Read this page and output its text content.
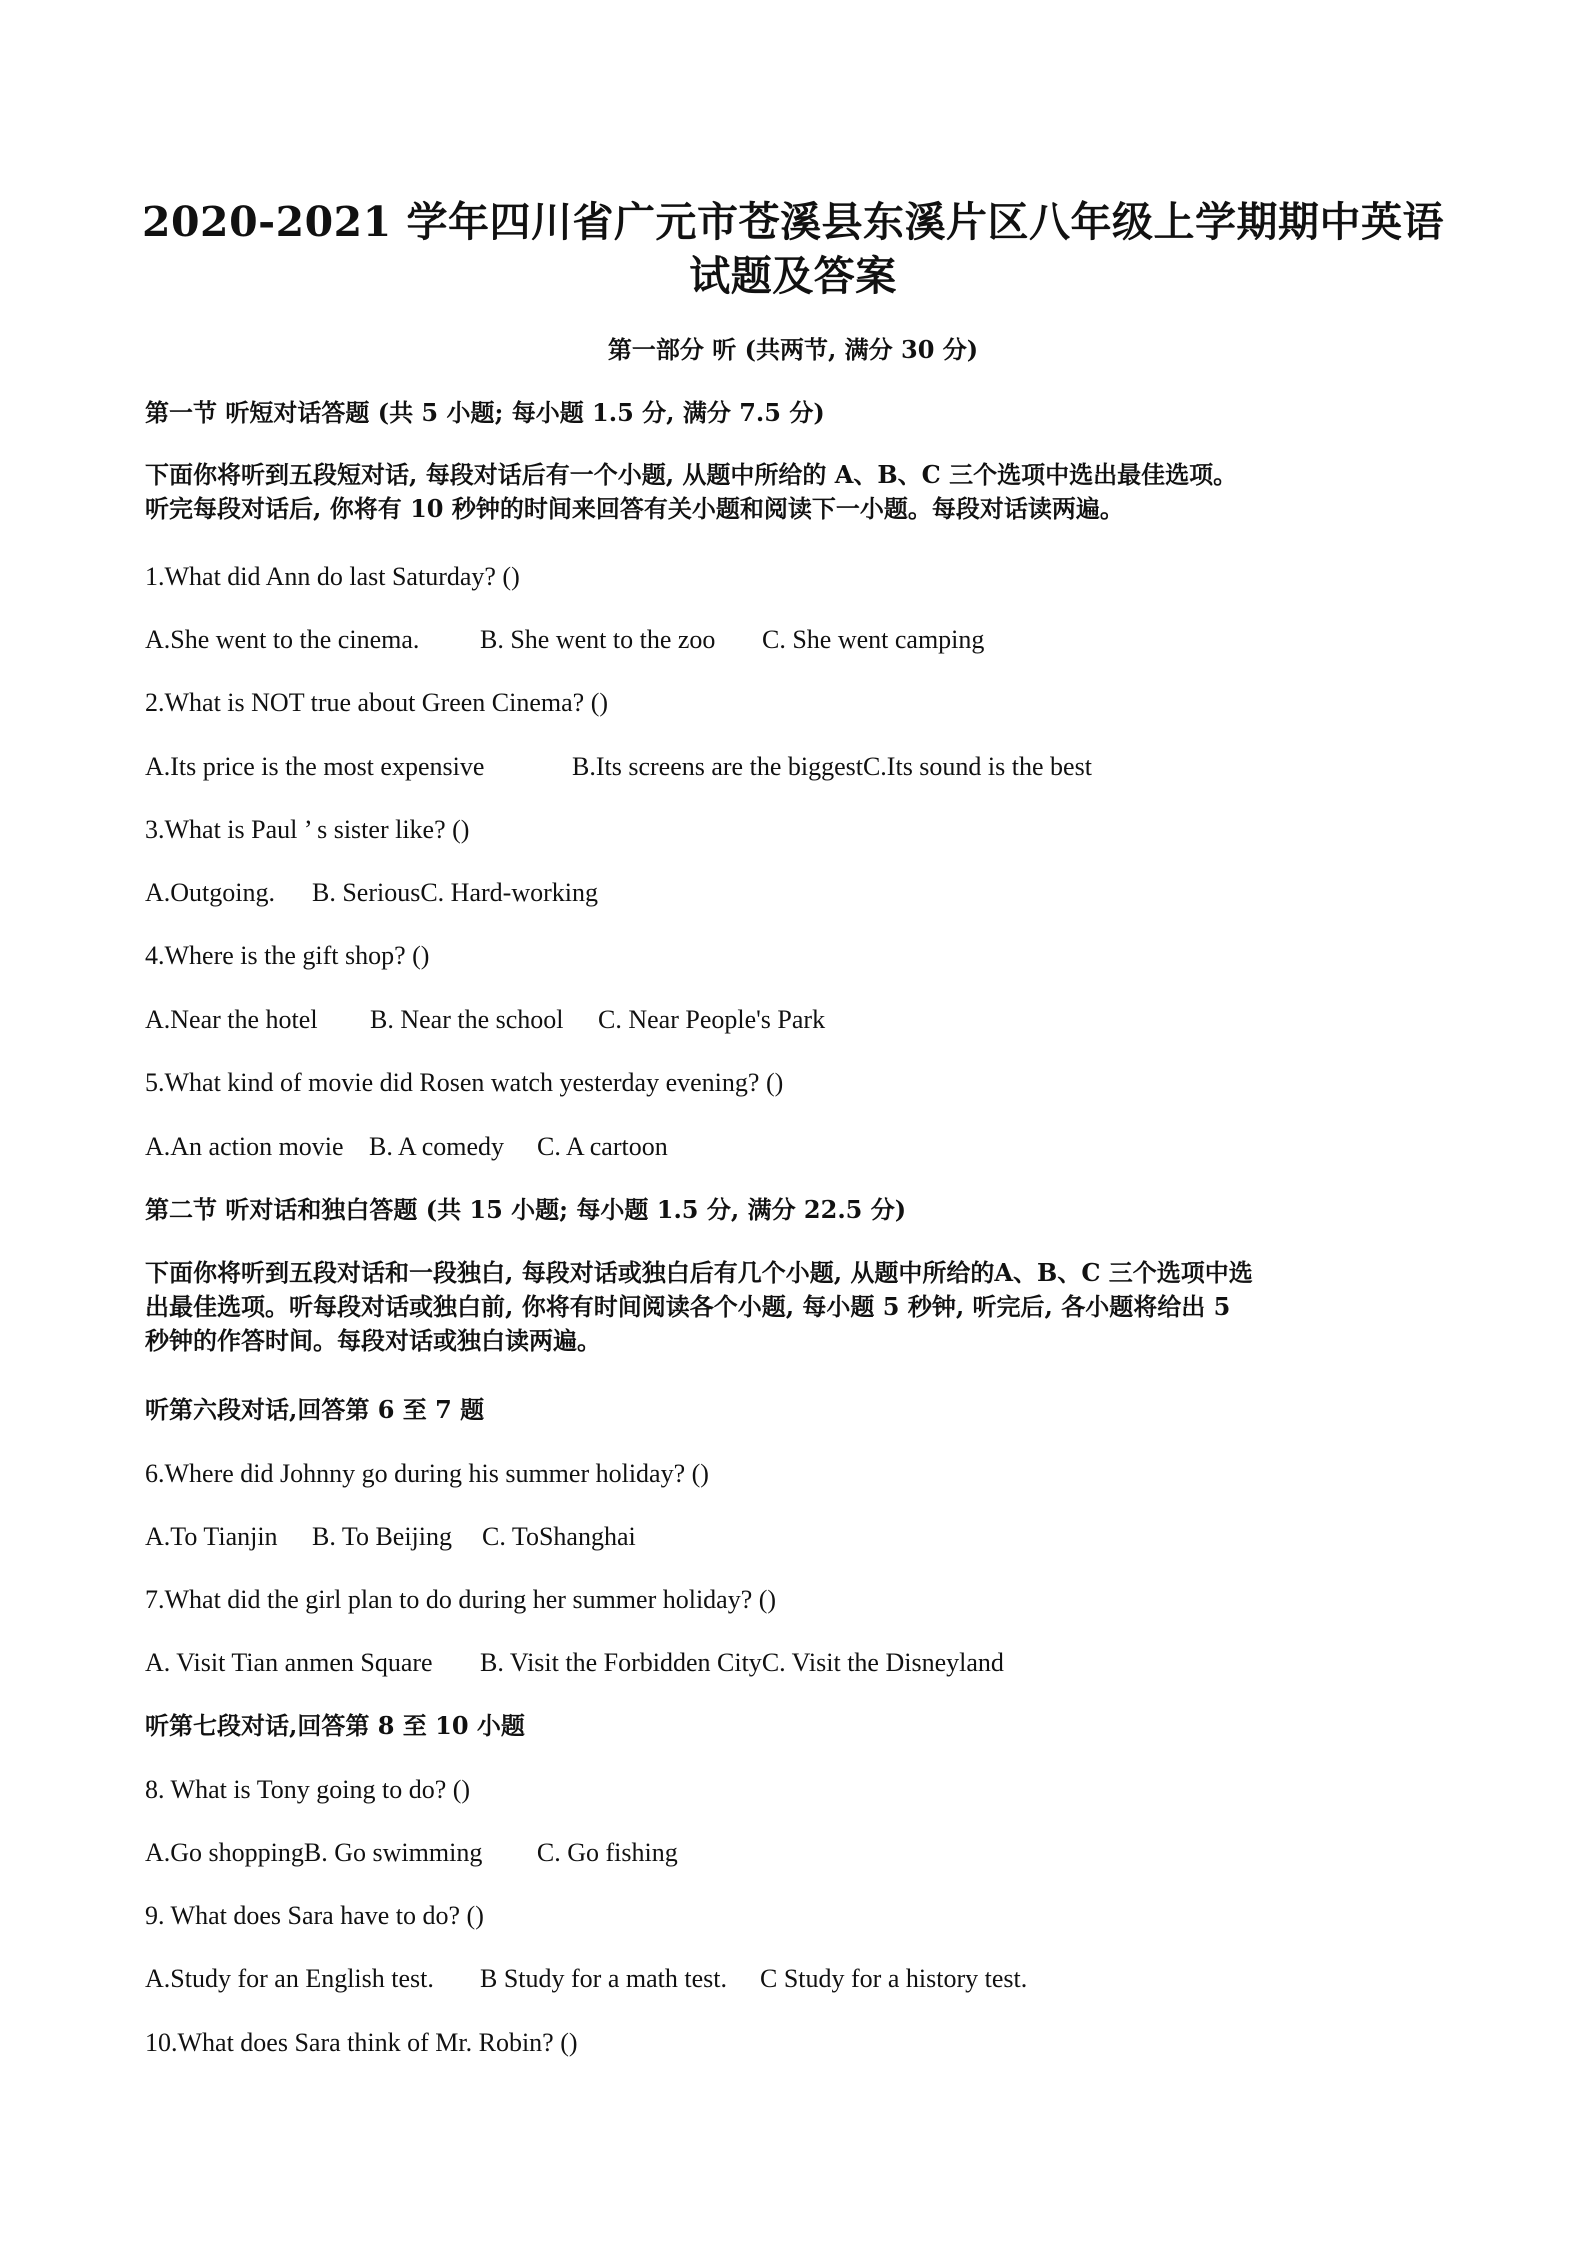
2020-2021 学年四川省广元市苍溪县东溪片区八年级上学期期中英语
试题及答案
第一部分 听 (共两节, 满分 30 分)
第一节 听短对话答题 (共 5 小题; 每小题 1.5 分, 满分 7.5 分)
下面你将听到五段短对话, 每段对话后有一个小题, 从题中所给的 A、B、C 三个选项中选出最佳选项。
听完每段对话后, 你将有 10 秒钟的时间来回答有关小题和阅读下一小题。每段对话读两遍。
1.What did Ann do last Saturday? ()
A.She went to the cinema. B. She went to the zoo C. She went camping
2.What is NOT true about Green Cinema? ()
A.Its price is the most expensive	B.Its screens are the biggestC.Its sound is the best
3.What is Paul ’ s sister like? ()
A.Outgoing. B. SeriousC. Hard-working
4.Where is the gift shop? ()
A.Near the hotel B. Near the school C. Near People's Park
5.What kind of movie did Rosen watch yesterday evening? ()
A.An action movie B. A comedy C. A cartoon
第二节 听对话和独白答题 (共 15 小题; 每小题 1.5 分, 满分 22.5 分)
下面你将听到五段对话和一段独白, 每段对话或独白后有几个小题, 从题中所给的A、B、C 三个选项中选
出最佳选项。听每段对话或独白前, 你将有时间阅读各个小题, 每小题 5 秒钟, 听完后, 各小题将给出 5
秒钟的作答时间。每段对话或独白读两遍。
听第六段对话,回答第 6 至 7 题
6.Where did Johnny go during his summer holiday? ()
A.To Tianjin B. To Beijing C. ToShanghai
7.What did the girl plan to do during her summer holiday? ()
A. Visit Tian anmen Square B. Visit the Forbidden CityC. Visit the Disneyland
听第七段对话,回答第 8 至 10 小题
8. What is Tony going to do? ()
A.Go shoppingB. Go swimming C. Go fishing
9. What does Sara have to do? ()
A.Study for an English test. B Study for a math test. C Study for a history test.
10.What does Sara think of Mr. Robin? ()
